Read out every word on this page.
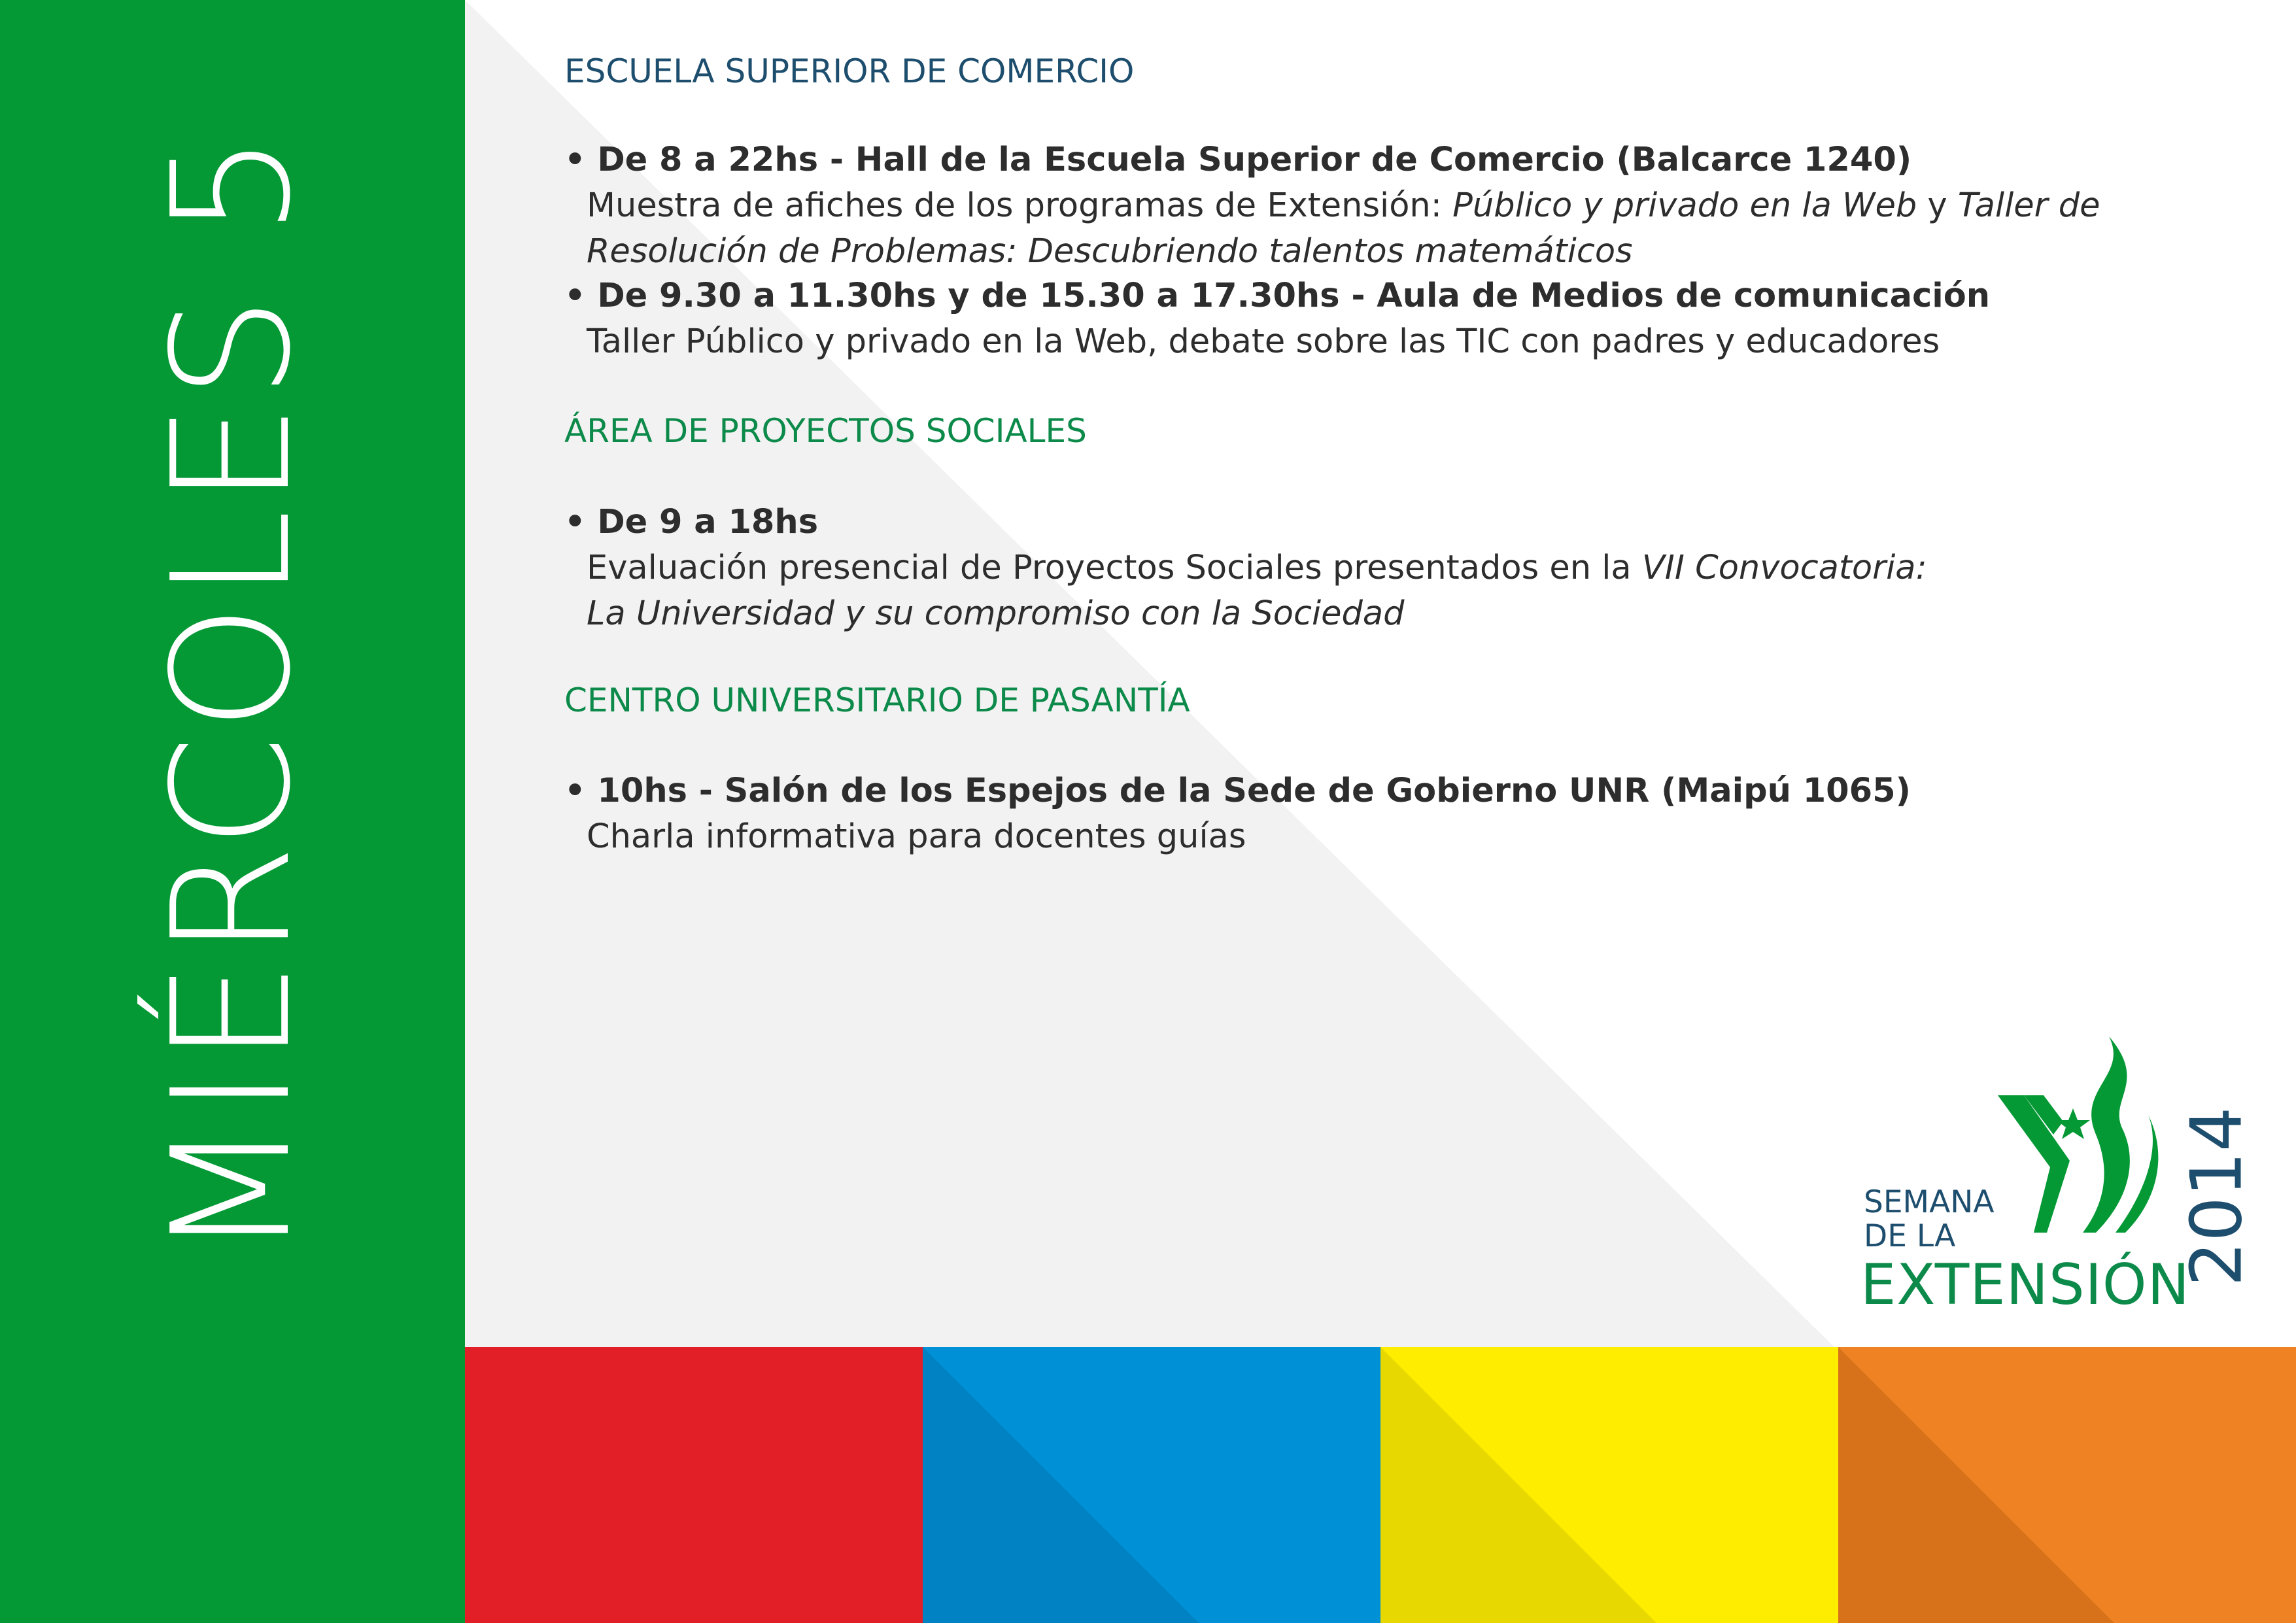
MIÉRCOLES 5
ESCUELA SUPERIOR DE COMERCIO
• De 8 a 22hs - Hall de la Escuela Superior de Comercio (Balcarce 1240)
Muestra de afiches de los programas de Extensión: Público y privado en la Web y Taller de
Resolución de Problemas: Descubriendo talentos matemáticos
• De 9.30 a 11.30hs y de 15.30 a 17.30hs - Aula de Medios de comunicación
Taller Público y privado en la Web, debate sobre las TIC con padres y educadores
ÁREA DE PROYECTOS SOCIALES
• De 9 a 18hs
Evaluación presencial de Proyectos Sociales presentados en la VII Convocatoria:
La Universidad y su compromiso con la Sociedad
CENTRO UNIVERSITARIO DE PASANTÍA
• 10hs - Salón de los Espejos de la Sede de Gobierno UNR (Maipú 1065)
Charla informativa para docentes guías
SEMANA
DE LA
EXTENSIÓN
2014
